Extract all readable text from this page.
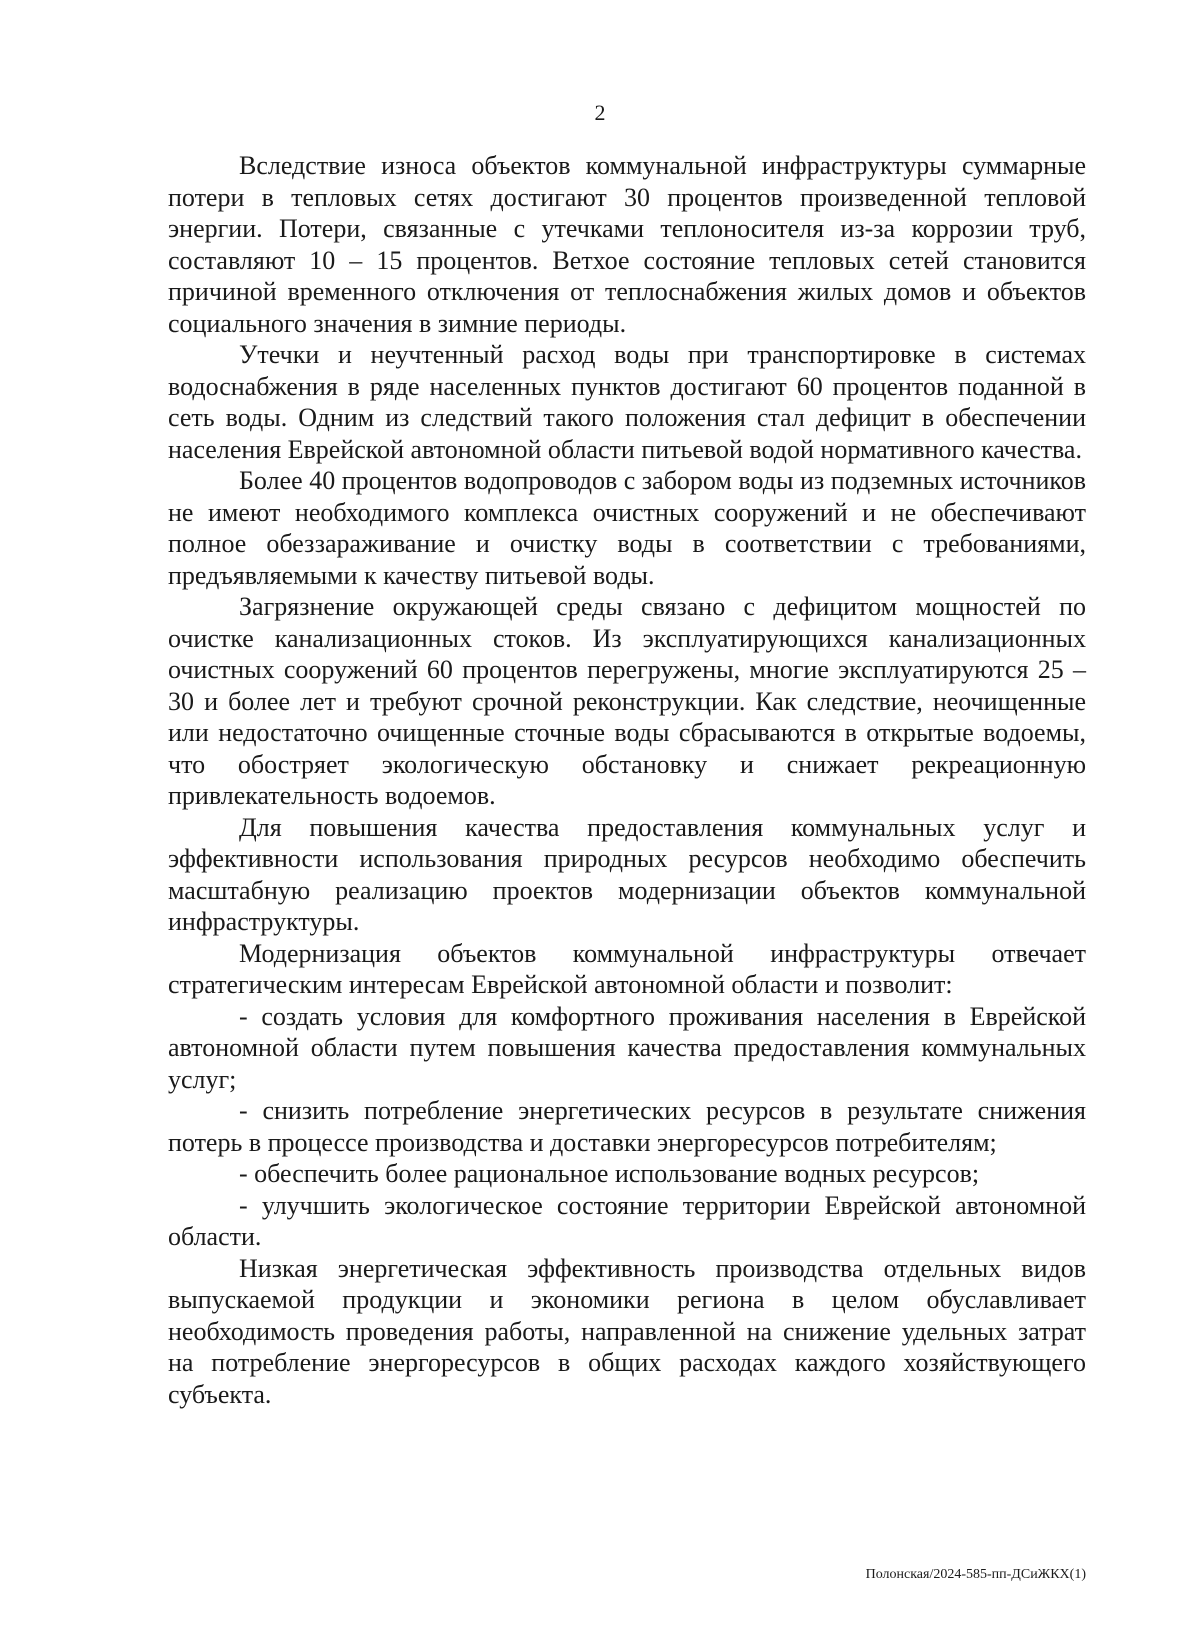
2

Вследствие износа объектов коммунальной инфраструктуры суммарные потери в тепловых сетях достигают 30 процентов произведенной тепловой энергии. Потери, связанные с утечками теплоносителя из-за коррозии труб, составляют 10 – 15 процентов. Ветхое состояние тепловых сетей становится причиной временного отключения от теплоснабжения жилых домов и объектов социального значения в зимние периоды.

Утечки и неучтенный расход воды при транспортировке в системах водоснабжения в ряде населенных пунктов достигают 60 процентов поданной в сеть воды. Одним из следствий такого положения стал дефицит в обеспечении населения Еврейской автономной области питьевой водой нормативного качества.

Более 40 процентов водопроводов с забором воды из подземных источников не имеют необходимого комплекса очистных сооружений и не обеспечивают полное обеззараживание и очистку воды в соответствии с требованиями, предъявляемыми к качеству питьевой воды.

Загрязнение окружающей среды связано с дефицитом мощностей по очистке канализационных стоков. Из эксплуатирующихся канализационных очистных сооружений 60 процентов перегружены, многие эксплуатируются 25 – 30 и более лет и требуют срочной реконструкции. Как следствие, неочищенные или недостаточно очищенные сточные воды сбрасываются в открытые водоемы, что обостряет экологическую обстановку и снижает рекреационную привлекательность водоемов.

Для повышения качества предоставления коммунальных услуг и эффективности использования природных ресурсов необходимо обеспечить масштабную реализацию проектов модернизации объектов коммунальной инфраструктуры.

Модернизация объектов коммунальной инфраструктуры отвечает стратегическим интересам Еврейской автономной области и позволит:

- создать условия для комфортного проживания населения в Еврейской автономной области путем повышения качества предоставления коммунальных услуг;

- снизить потребление энергетических ресурсов в результате снижения потерь в процессе производства и доставки энергоресурсов потребителям;

- обеспечить более рациональное использование водных ресурсов;

- улучшить экологическое состояние территории Еврейской автономной области.

Низкая энергетическая эффективность производства отдельных видов выпускаемой продукции и экономики региона в целом обуславливает необходимость проведения работы, направленной на снижение удельных затрат на потребление энергоресурсов в общих расходах каждого хозяйствующего субъекта.

Полонская/2024-585-пп-ДСиЖКХ(1)
